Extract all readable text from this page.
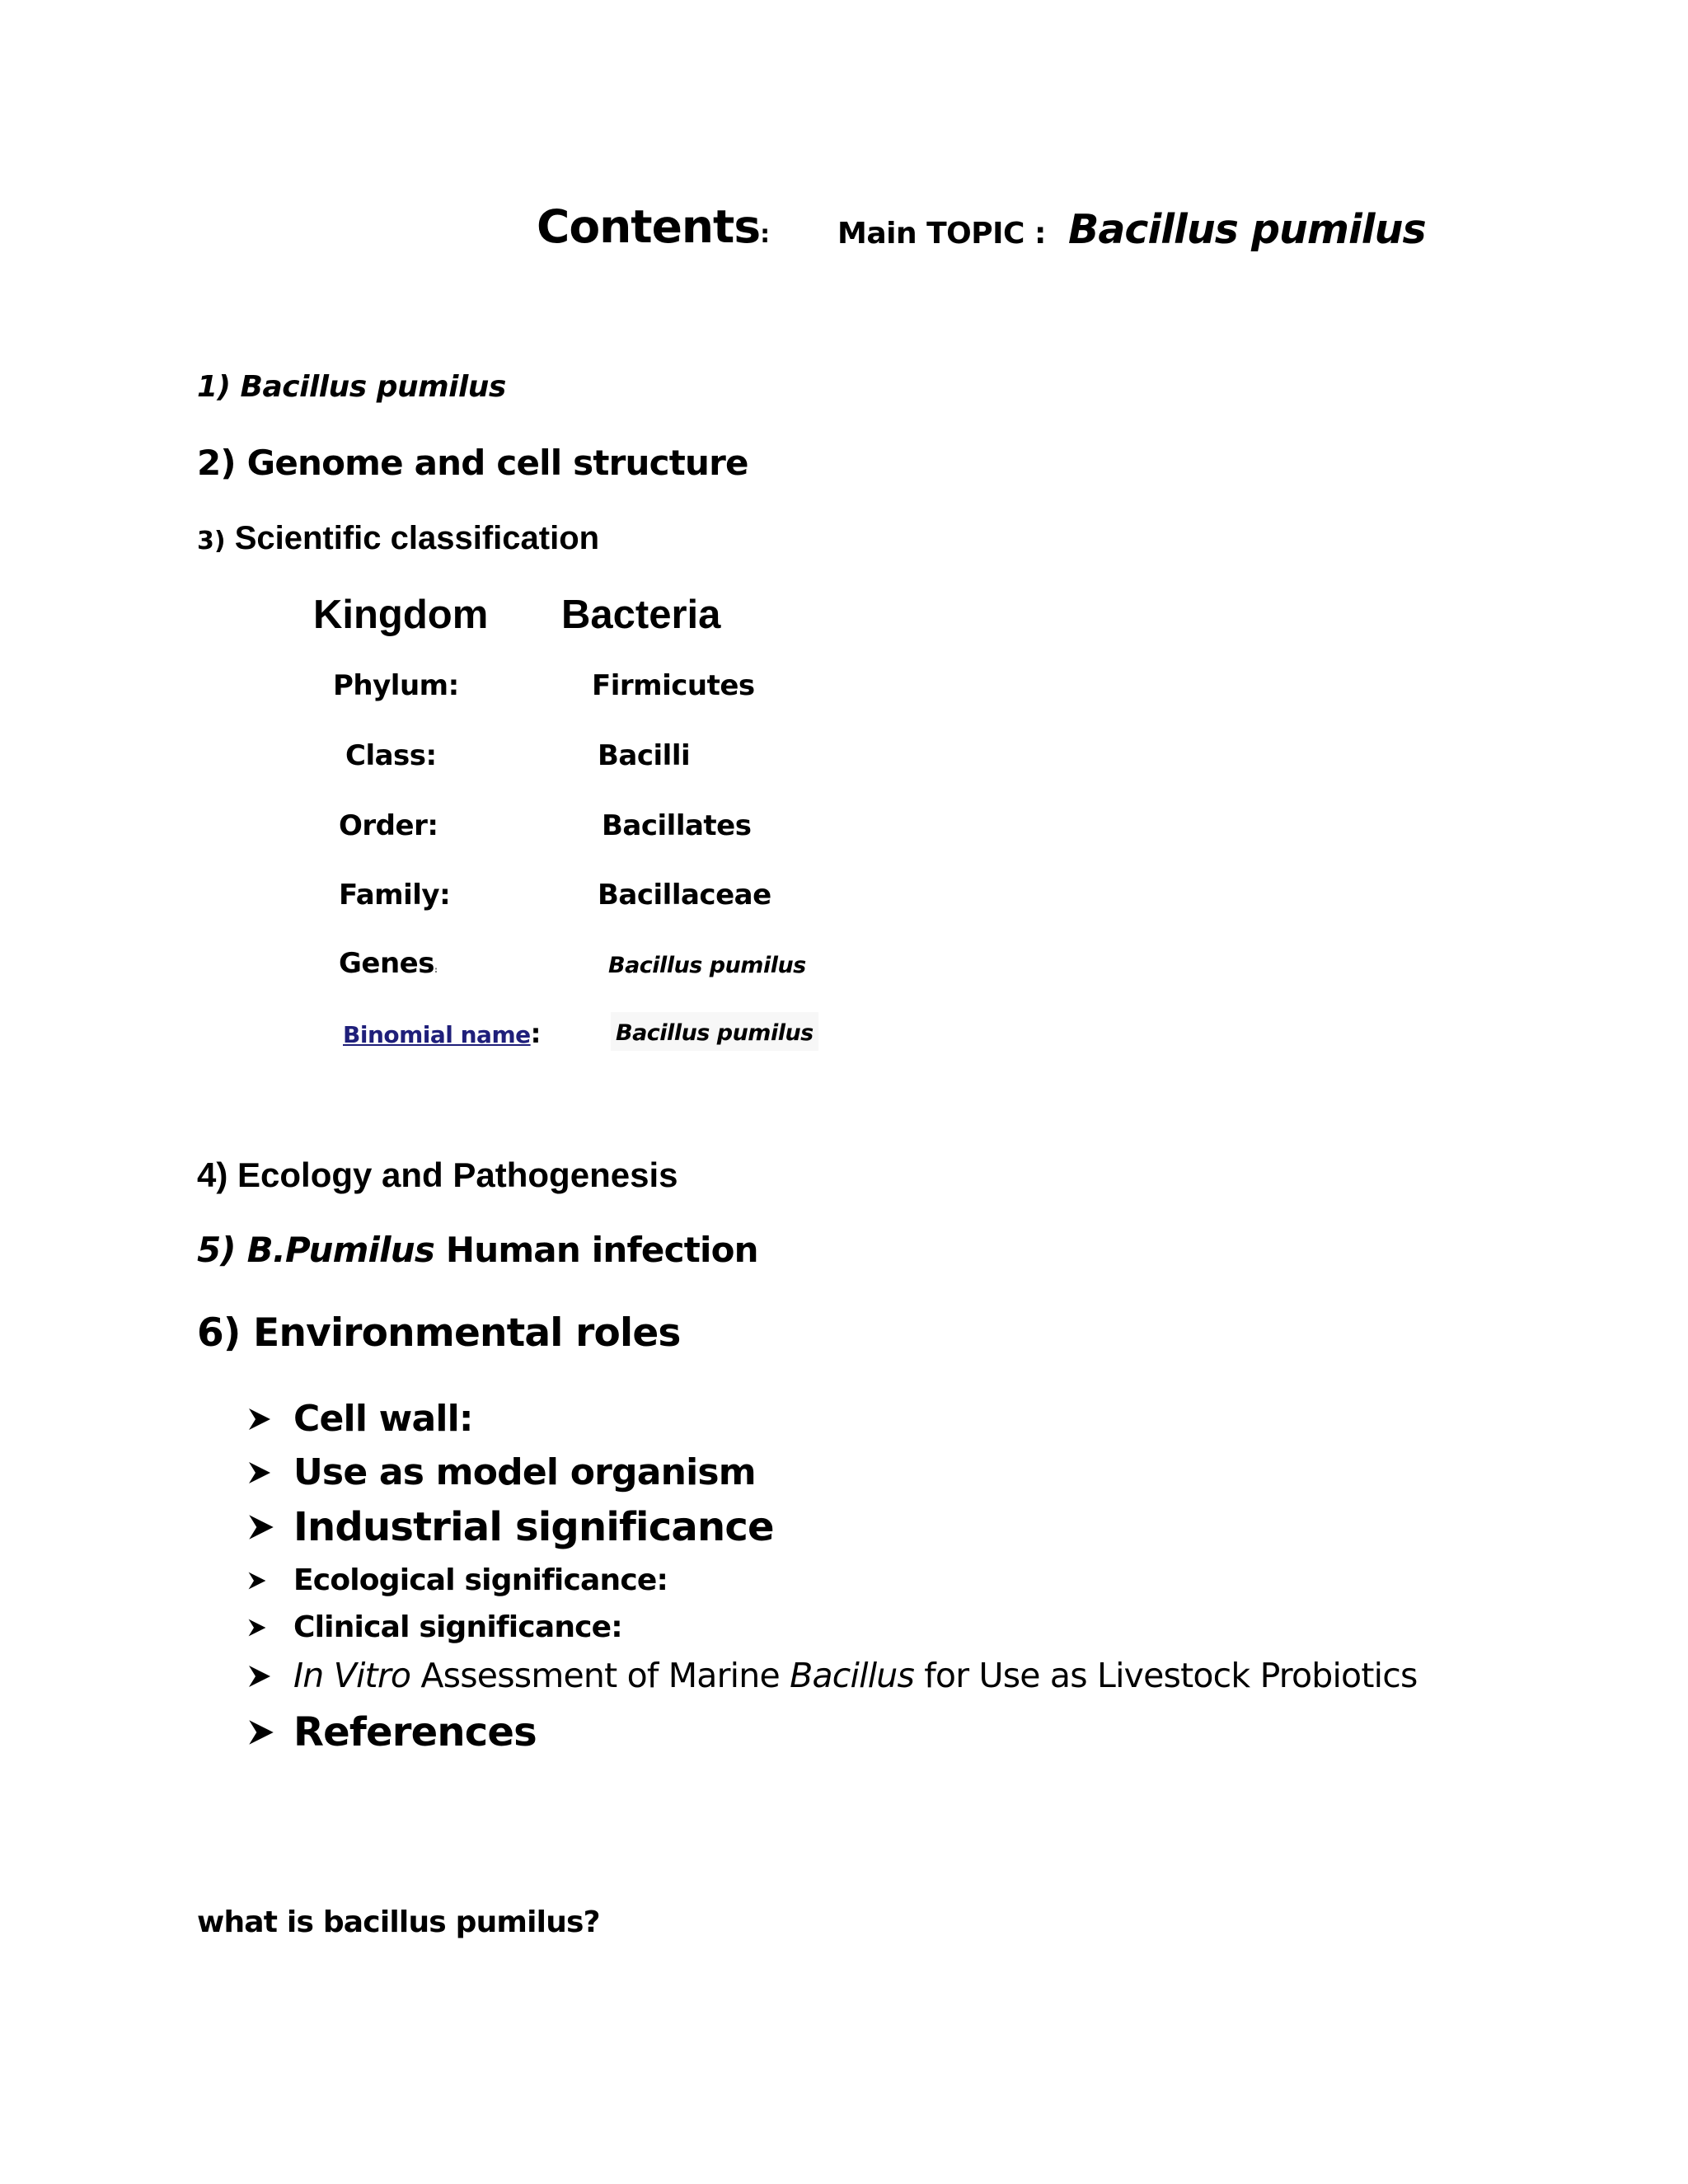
Contents: Main TOPIC : Bacillus pumilus
1) Bacillus pumilus
2) Genome and cell structure
3) Scientific classification
Kingdom Bacteria
Phylum:	Firmicutes
Class:	Bacilli
Order:	Bacillates
Family:	Bacillaceae
Genes:	Bacillus pumilus
Binomial name:	Bacillus pumilus
4) Ecology and Pathogenesis
5) B.Pumilus Human infection
6) Environmental roles
Cell wall:
Use as model organism
Industrial significance
Ecological significance:
Clinical significance:
In Vitro Assessment of Marine Bacillus for Use as Livestock Probiotics
References
what is bacillus pumilus?
